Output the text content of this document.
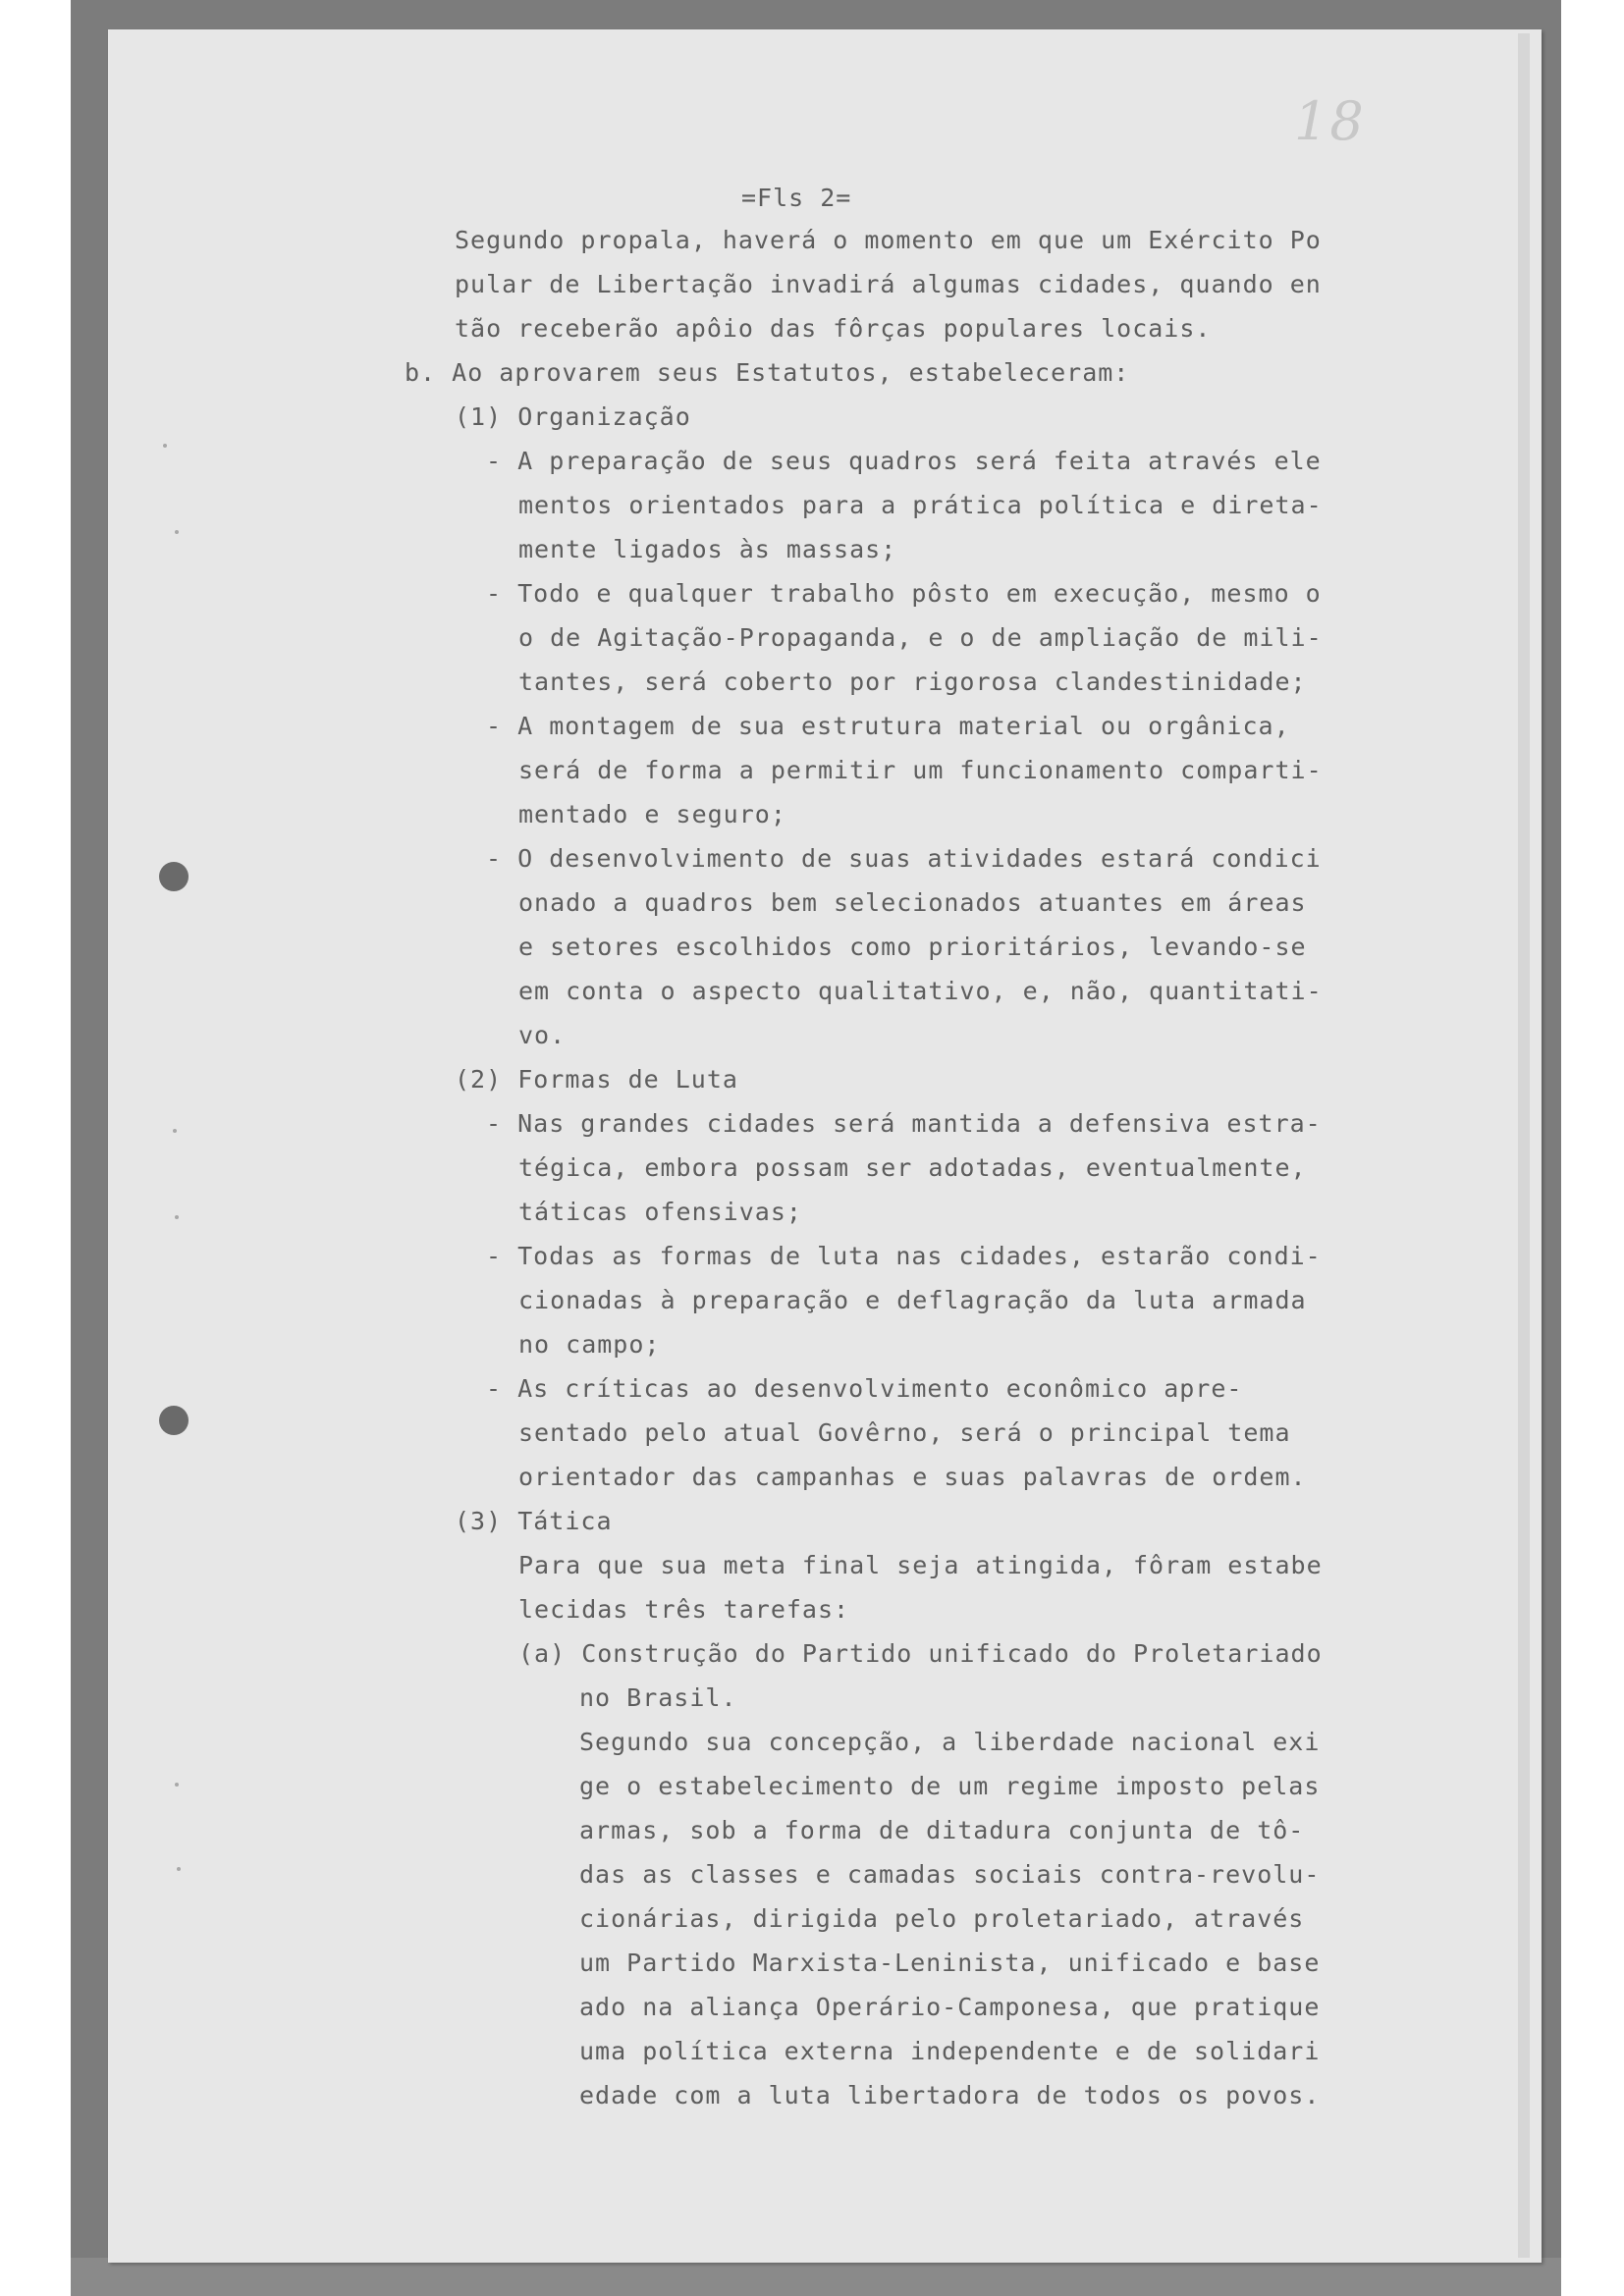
18
=Fls 2=
Segundo propala, haverá o momento em que um Exército Po
pular de Libertação invadirá algumas cidades, quando en
tão receberão apôio das fôrças populares locais.
b. Ao aprovarem seus Estatutos, estabeleceram:
(1) Organização
- A preparação de seus quadros será feita através ele
mentos orientados para a prática política e direta-
mente ligados às massas;
- Todo e qualquer trabalho pôsto em execução, mesmo o
o de Agitação-Propaganda, e o de ampliação de mili-
tantes, será coberto por rigorosa clandestinidade;
- A montagem de sua estrutura material ou orgânica,
será de forma a permitir um funcionamento comparti-
mentado e seguro;
- O desenvolvimento de suas atividades estará condici
onado a quadros bem selecionados atuantes em áreas
e setores escolhidos como prioritários, levando-se
em conta o aspecto qualitativo, e, não, quantitati-
vo.
(2) Formas de Luta
- Nas grandes cidades será mantida a defensiva estra-
tégica, embora possam ser adotadas, eventualmente,
táticas ofensivas;
- Todas as formas de luta nas cidades, estarão condi-
cionadas à preparação e deflagração da luta armada
no campo;
- As críticas ao desenvolvimento econômico apre-
sentado pelo atual Govêrno, será o principal tema
orientador das campanhas e suas palavras de ordem.
(3) Tática
Para que sua meta final seja atingida, fôram estabe
lecidas três tarefas:
(a) Construção do Partido unificado do Proletariado
no Brasil.
Segundo sua concepção, a liberdade nacional exi
ge o estabelecimento de um regime imposto pelas
armas, sob a forma de ditadura conjunta de tô-
das as classes e camadas sociais contra-revolu-
cionárias, dirigida pelo proletariado, através
um Partido Marxista-Leninista, unificado e base
ado na aliança Operário-Camponesa, que pratique
uma política externa independente e de solidari
edade com a luta libertadora de todos os povos.
